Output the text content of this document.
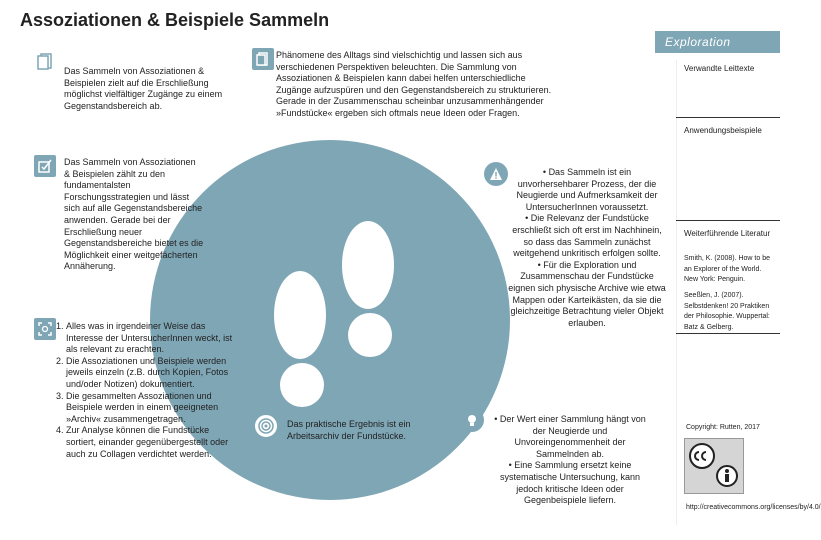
Assoziationen & Beispiele Sammeln
Exploration
Das Sammeln von Assoziationen & Beispielen zielt auf die Erschließung möglichst vielfältiger Zugänge zu einem Gegenstandsbereich ab.
Phänomene des Alltags sind vielschichtig und lassen sich aus verschiedenen Perspektiven beleuchten. Die Sammlung von Assoziationen & Beispielen kann dabei helfen unterschiedliche Zugänge aufzuspüren und den Gegenstandsbereich zu strukturieren. Gerade in der Zusammenschau scheinbar unzusammenhängender »Fundstücke« ergeben sich oftmals neue Ideen oder Fragen.
Das Sammeln von Assoziationen & Beispielen zählt zu den fundamentalsten Forschungsstrategien und lässt sich auf alle Gegenstandsbereiche anwenden. Gerade bei der Erschließung neuer Gegenstandsbereiche bietet es die Möglichkeit einer weitgefächerten Annäherung.
1. Alles was in irgendeiner Weise das Interesse der UntersucherInnen weckt, ist als relevant zu erachten.
2. Die Assoziationen und Beispiele werden jeweils einzeln (z.B. durch Kopien, Fotos und/oder Notizen) dokumentiert.
3. Die gesammelten Assoziationen und Beispiele werden in einem geeigneten »Archiv« zusammengetragen.
4. Zur Analyse können die Fundstücke sortiert, einander gegenübergestellt oder auch zu Collagen verdichtet werden.
• Das Sammeln ist ein unvorhersehbarer Prozess, der die Neugierde und Aufmerksamkeit der UntersucherInnen voraussetzt.
• Die Relevanz der Fundstücke erschließt sich oft erst im Nachhinein, so dass das Sammeln zunächst weitgehend unkritisch erfolgen sollte.
• Für die Exploration und Zusammenschau der Fundstücke eignen sich physische Archive wie etwa Mappen oder Karteikästen, da sie die gleichzeitige Betrachtung vieler Objekt erlauben.
Das praktische Ergebnis ist ein Arbeitsarchiv der Fundstücke.
• Der Wert einer Sammlung hängt von der Neugierde und Unvoreingenommenheit der Sammelnden ab.
• Eine Sammlung ersetzt keine systematische Untersuchung, kann jedoch kritische Ideen oder Gegenbeispiele liefern.
Verwandte Leittexte
Anwendungsbeispiele
Weiterführende Literatur
Smith, K. (2008). How to be an Explorer of the World. New York: Penguin.
Seeßlen, J. (2007). Selbstdenken! 20 Praktiken der Philosophie. Wuppertal: Batz & Gelberg.
Copyright: Rutten, 2017
http://creativecommons.org/licenses/by/4.0/
